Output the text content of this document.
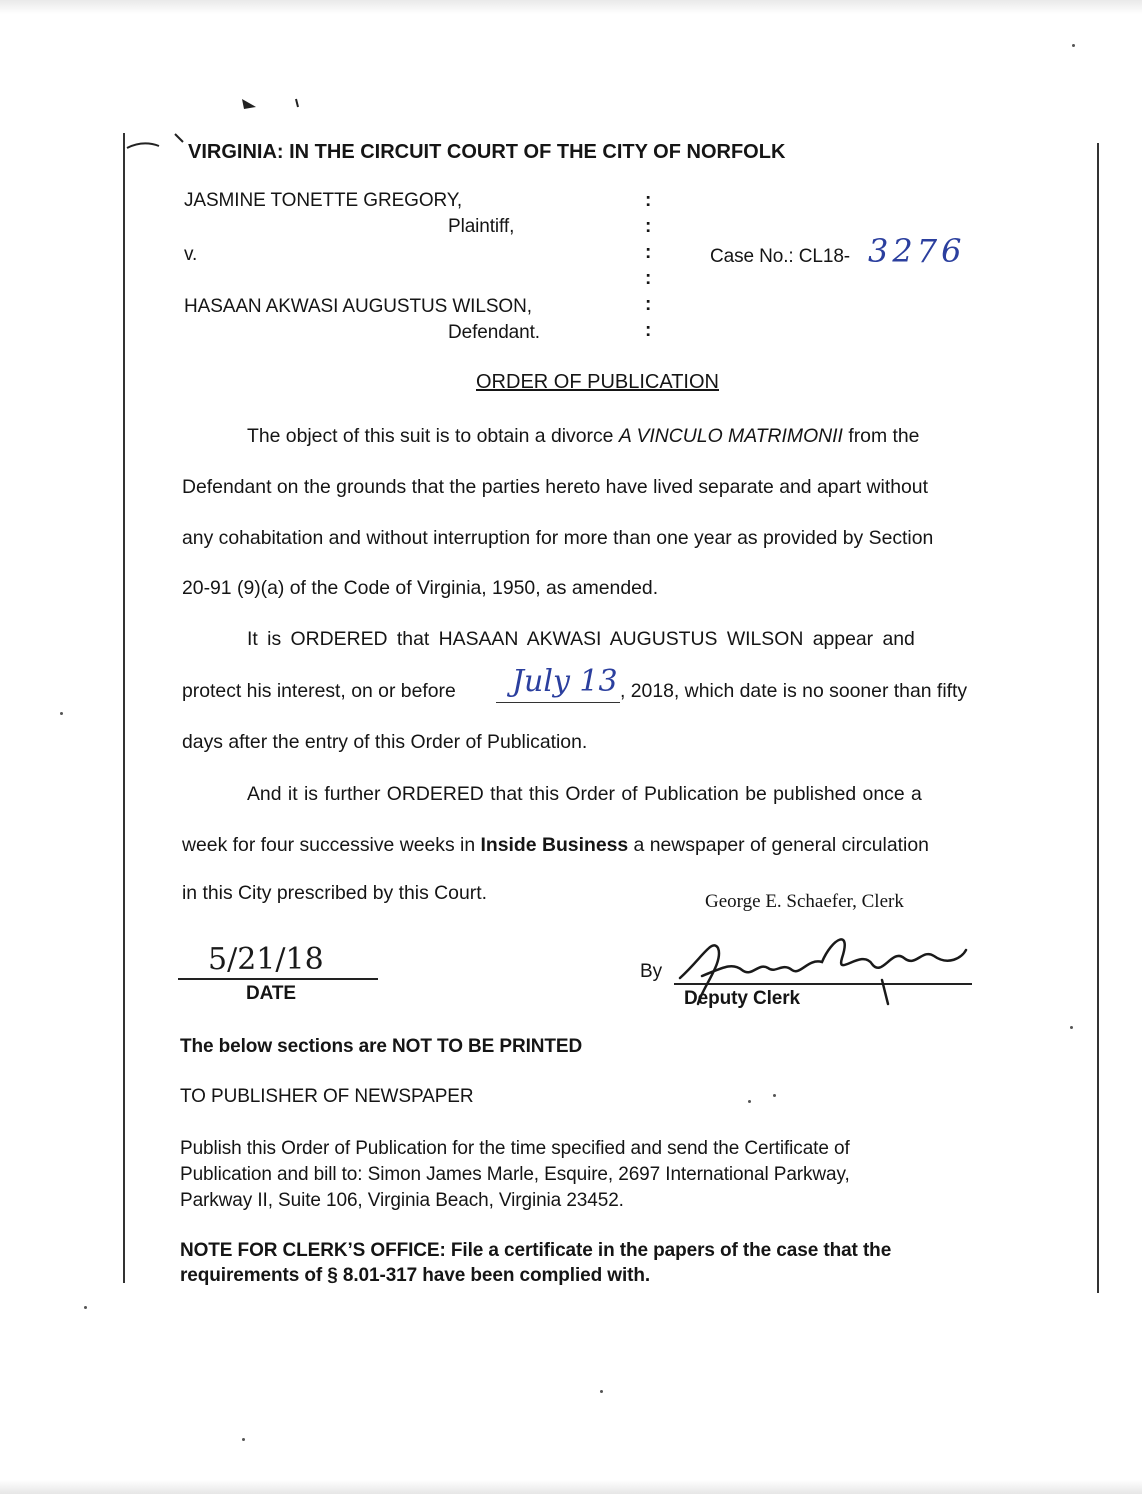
VIRGINIA: IN THE CIRCUIT COURT OF THE CITY OF NORFOLK
JASMINE TONETTE GREGORY,
Plaintiff,
v.
HASAAN AKWASI AUGUSTUS WILSON,
Defendant.
:
:
:
:
:
:
Case No.: CL18- 3276
ORDER OF PUBLICATION
The object of this suit is to obtain a divorce A VINCULO MATRIMONII from the
Defendant on the grounds that the parties hereto have lived separate and apart without
any cohabitation and without interruption for more than one year as provided by Section
20-91 (9)(a) of the Code of Virginia, 1950, as amended.
It is ORDERED that HASAAN AKWASI AUGUSTUS WILSON appear and
protect his interest, on or before July 13 , 2018, which date is no sooner than fifty
days after the entry of this Order of Publication.
And it is further ORDERED that this Order of Publication be published once a
week for four successive weeks in Inside Business a newspaper of general circulation
in this City prescribed by this Court.	George E. Schaefer, Clerk
5/21/18
DATE
By
Deputy Clerk
The below sections are NOT TO BE PRINTED
TO PUBLISHER OF NEWSPAPER
Publish this Order of Publication for the time specified and send the Certificate of
Publication and bill to: Simon James Marle, Esquire, 2697 International Parkway,
Parkway II, Suite 106, Virginia Beach, Virginia 23452.
NOTE FOR CLERK’S OFFICE: File a certificate in the papers of the case that the
requirements of § 8.01-317 have been complied with.
